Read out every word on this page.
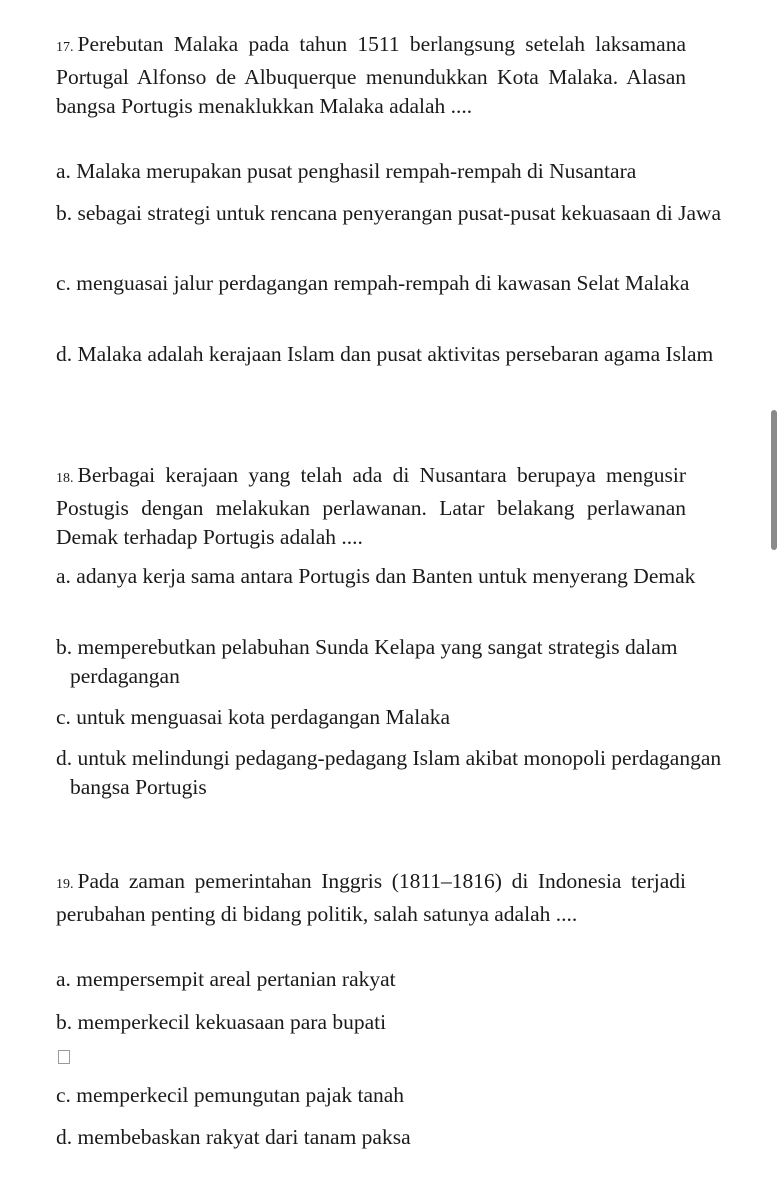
17. Perebutan Malaka pada tahun 1511 berlangsung setelah laksamana Portugal Alfonso de Albuquerque menundukkan Kota Malaka. Alasan bangsa Portugis menaklukkan Malaka adalah ....
a. Malaka merupakan pusat penghasil rempah-rempah di Nusantara
b. sebagai strategi untuk rencana penyerangan pusat-pusat kekuasaan di Jawa
c. menguasai jalur perdagangan rempah-rempah di kawasan Selat Malaka
d. Malaka adalah kerajaan Islam dan pusat aktivitas persebaran agama Islam
18. Berbagai kerajaan yang telah ada di Nusantara berupaya mengusir Postugis dengan melakukan perlawanan. Latar belakang perlawanan Demak terhadap Portugis adalah ....
a. adanya kerja sama antara Portugis dan Banten untuk menyerang Demak
b. memperebutkan pelabuhan Sunda Kelapa yang sangat strategis dalam perdagangan
c. untuk menguasai kota perdagangan Malaka
d. untuk melindungi pedagang-pedagang Islam akibat monopoli perdagangan bangsa Portugis
19. Pada zaman pemerintahan Inggris (1811–1816) di Indonesia terjadi perubahan penting di bidang politik, salah satunya adalah ....
a. mempersempit areal pertanian rakyat
b. memperkecil kekuasaan para bupati
c. memperkecil pemungutan pajak tanah
d. membebaskan rakyat dari tanam paksa
